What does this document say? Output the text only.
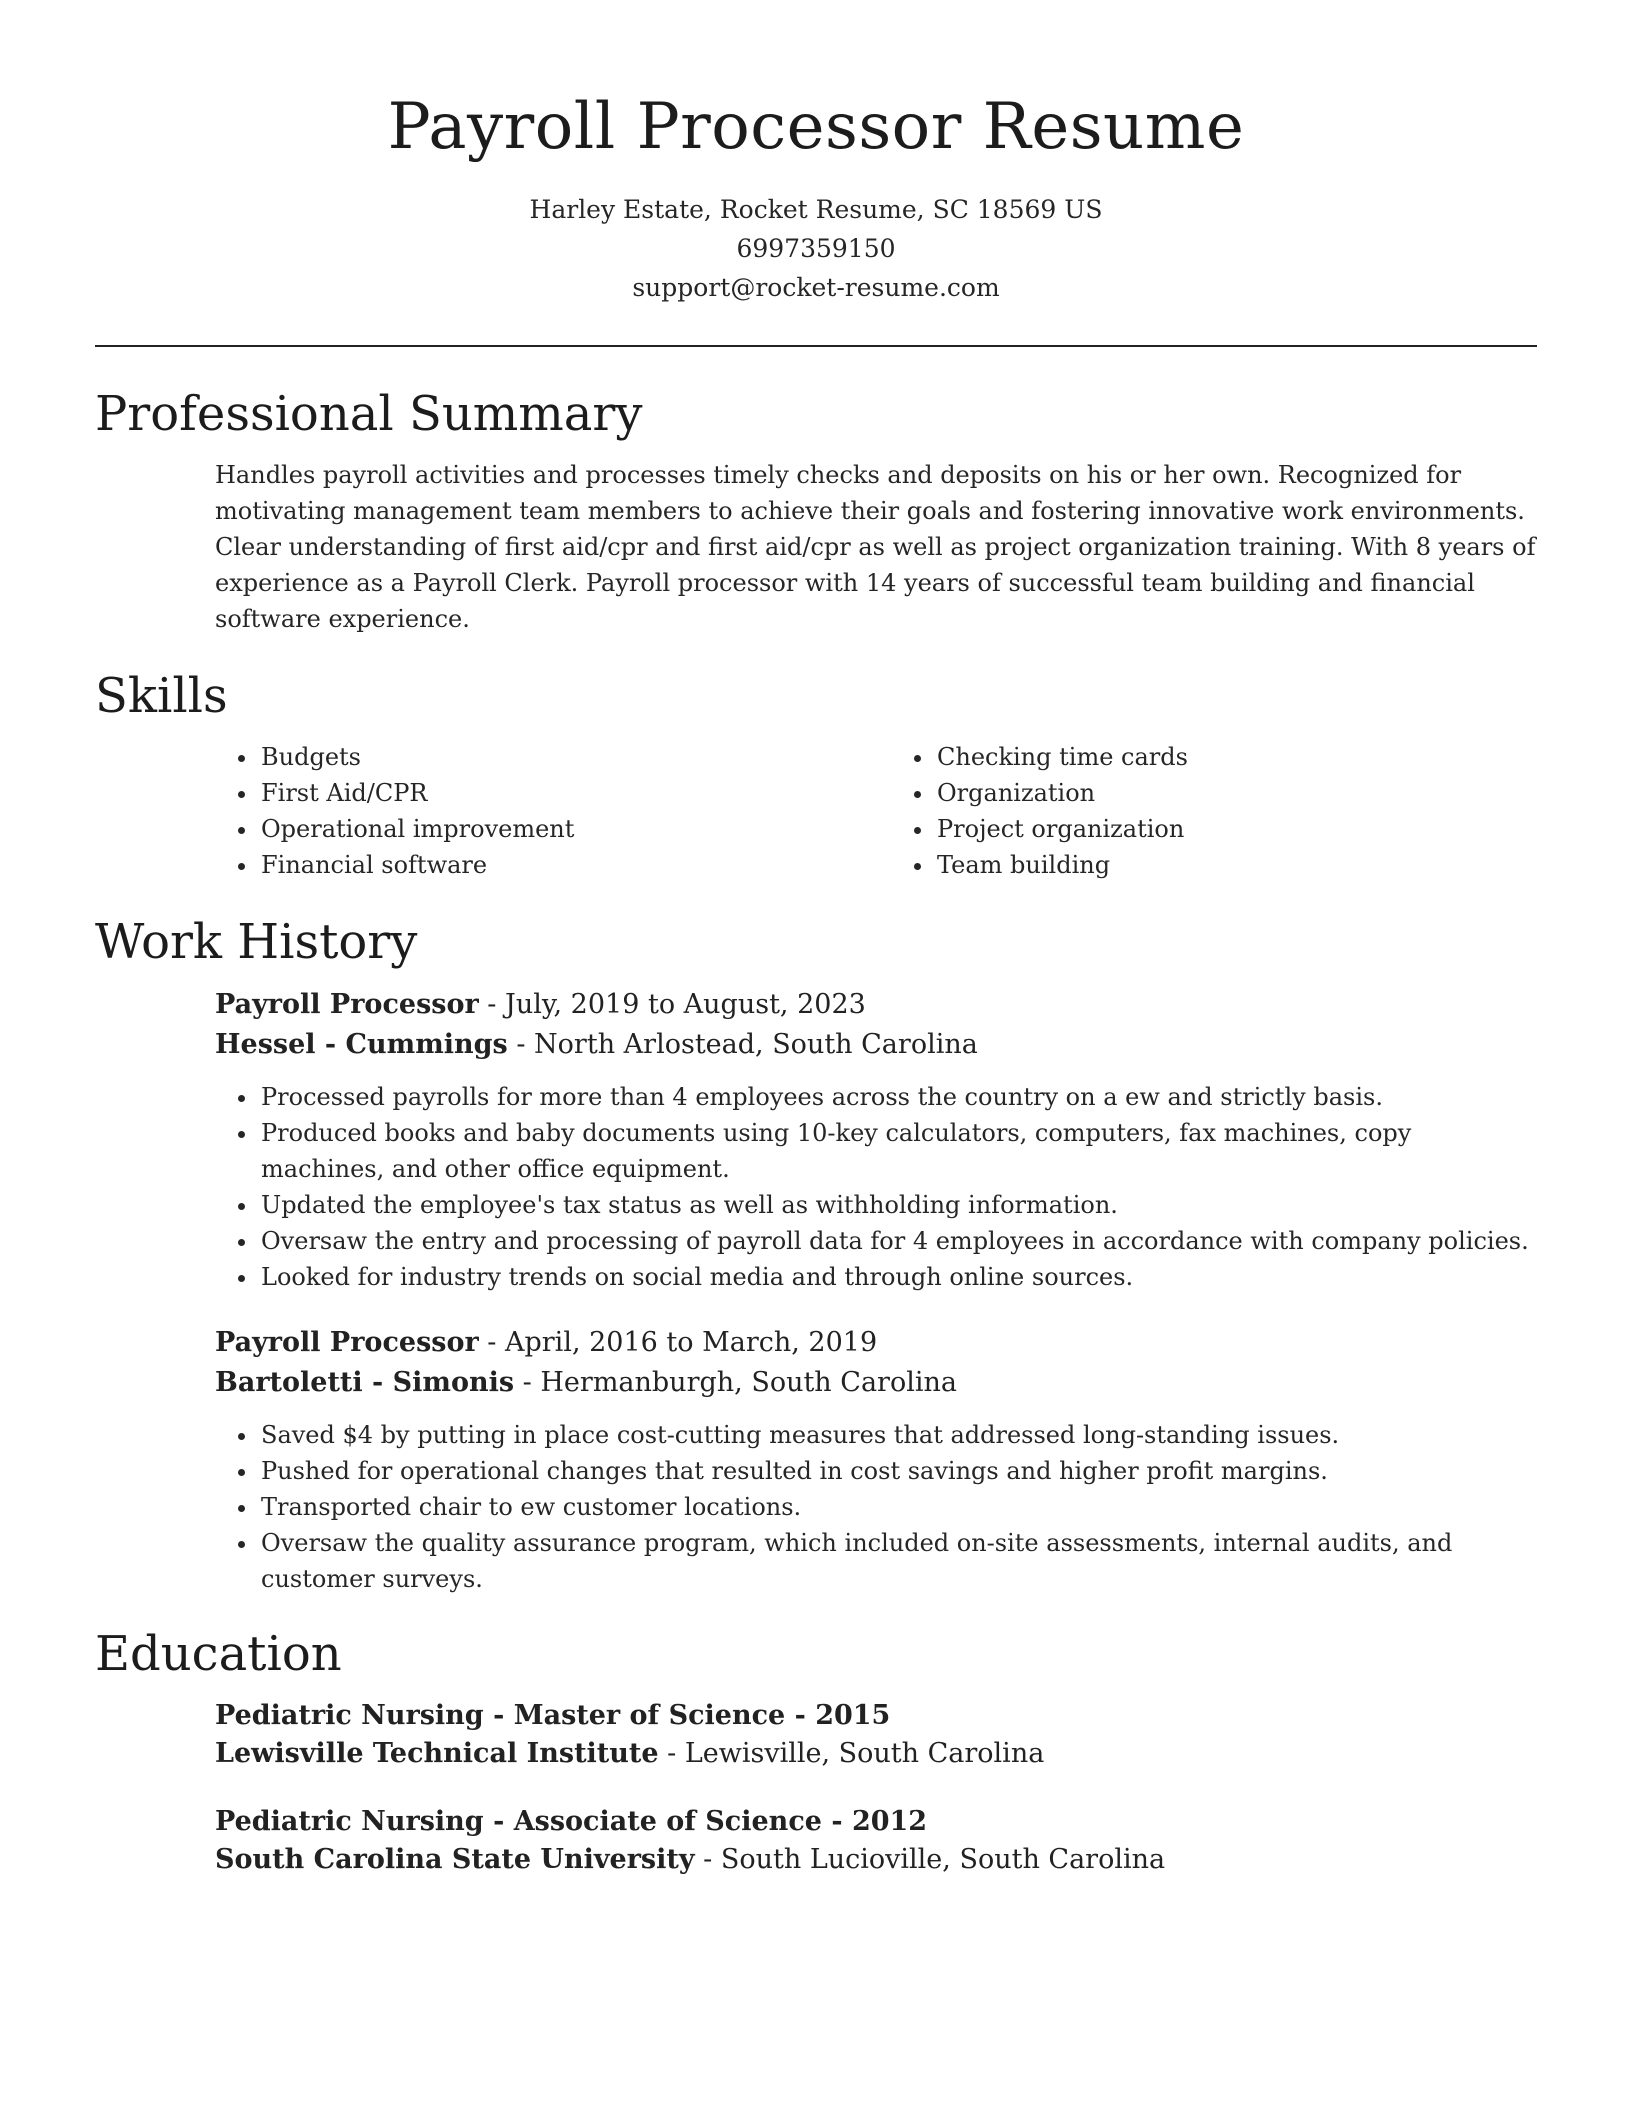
Payroll Processor Resume
Harley Estate, Rocket Resume, SC 18569 US
6997359150
support@rocket-resume.com
Professional Summary

Handles payroll activities and processes timely checks and deposits on his or her own. Recognized for motivating management team members to achieve their goals and fostering innovative work environments. Clear understanding of first aid/cpr and first aid/cpr as well as project organization training. With 8 years of experience as a Payroll Clerk. Payroll processor with 14 years of successful team building and financial software experience.

Skills
• Budgets
• First Aid/CPR
• Operational improvement
• Financial software
• Checking time cards
• Organization
• Project organization
• Team building
Work History
Payroll Processor - July, 2019 to August, 2023
Hessel - Cummings - North Arlostead, South Carolina
• Processed payrolls for more than 4 employees across the country on a ew and strictly basis.
• Produced books and baby documents using 10-key calculators, computers, fax machines, copy machines, and other office equipment.
• Updated the employee's tax status as well as withholding information.
• Oversaw the entry and processing of payroll data for 4 employees in accordance with company policies.
• Looked for industry trends on social media and through online sources.
Payroll Processor - April, 2016 to March, 2019
Bartoletti - Simonis - Hermanburgh, South Carolina
• Saved $4 by putting in place cost-cutting measures that addressed long-standing issues.
• Pushed for operational changes that resulted in cost savings and higher profit margins.
• Transported chair to ew customer locations.
• Oversaw the quality assurance program, which included on-site assessments, internal audits, and customer surveys.
Education
Pediatric Nursing - Master of Science - 2015
Lewisville Technical Institute - Lewisville, South Carolina
Pediatric Nursing - Associate of Science - 2012
South Carolina State University - South Lucioville, South Carolina
